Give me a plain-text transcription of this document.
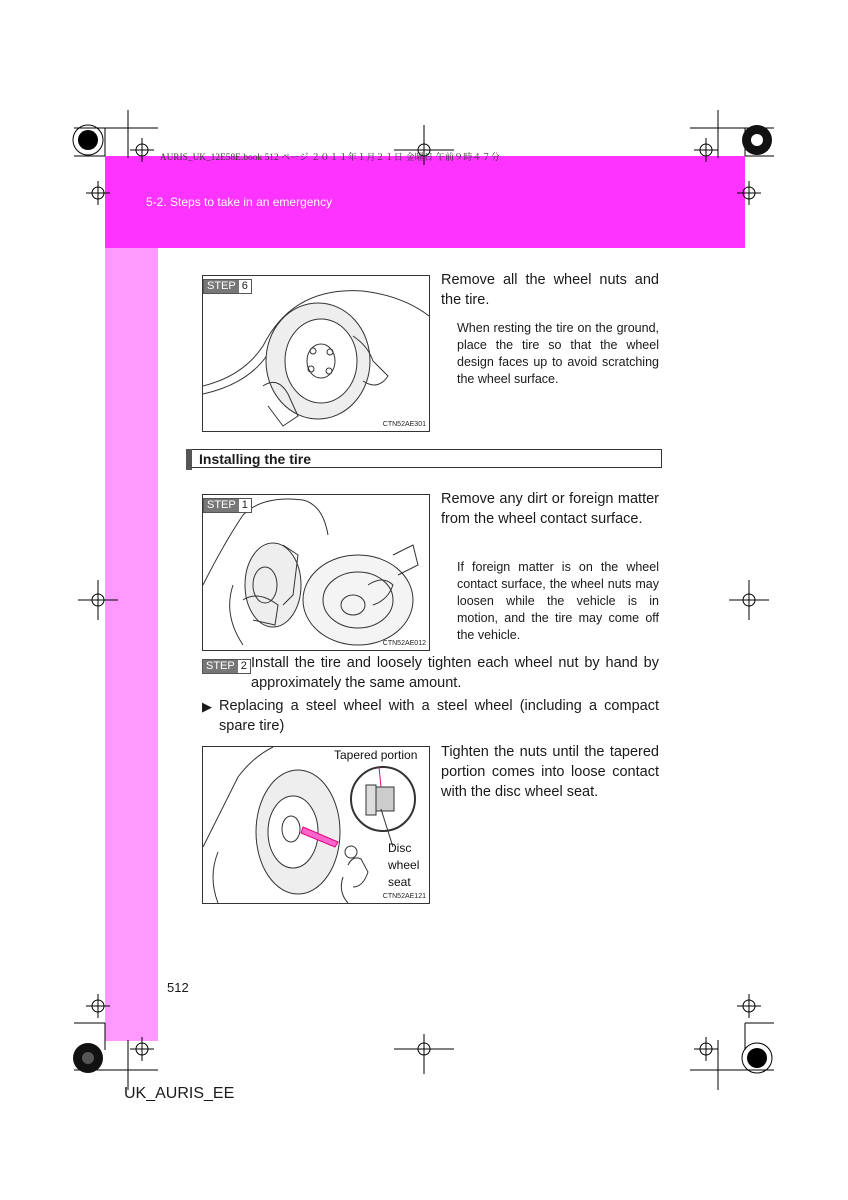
AURIS_UK_12E58E.book 512 ページ ２０１１年１月２１日 金曜日 午前９時４７分
5-2. Steps to take in an emergency
STEP 6
CTN52AE301
Remove all the wheel nuts and the tire.
When resting the tire on the ground, place the tire so that the wheel design faces up to avoid scratching the wheel surface.
Installing the tire
STEP 1
CTN52AE012
Remove any dirt or foreign matter from the wheel contact surface.
If foreign matter is on the wheel contact surface, the wheel nuts may loosen while the vehicle is in motion, and the tire may come off the vehicle.
STEP 2 Install the tire and loosely tighten each wheel nut by hand by approximately the same amount.
▶ Replacing a steel wheel with a steel wheel (including a compact spare tire)
Tapered portion
Disc
wheel
seat
CTN52AE121
Tighten the nuts until the tapered portion comes into loose contact with the disc wheel seat.
512
UK_AURIS_EE
